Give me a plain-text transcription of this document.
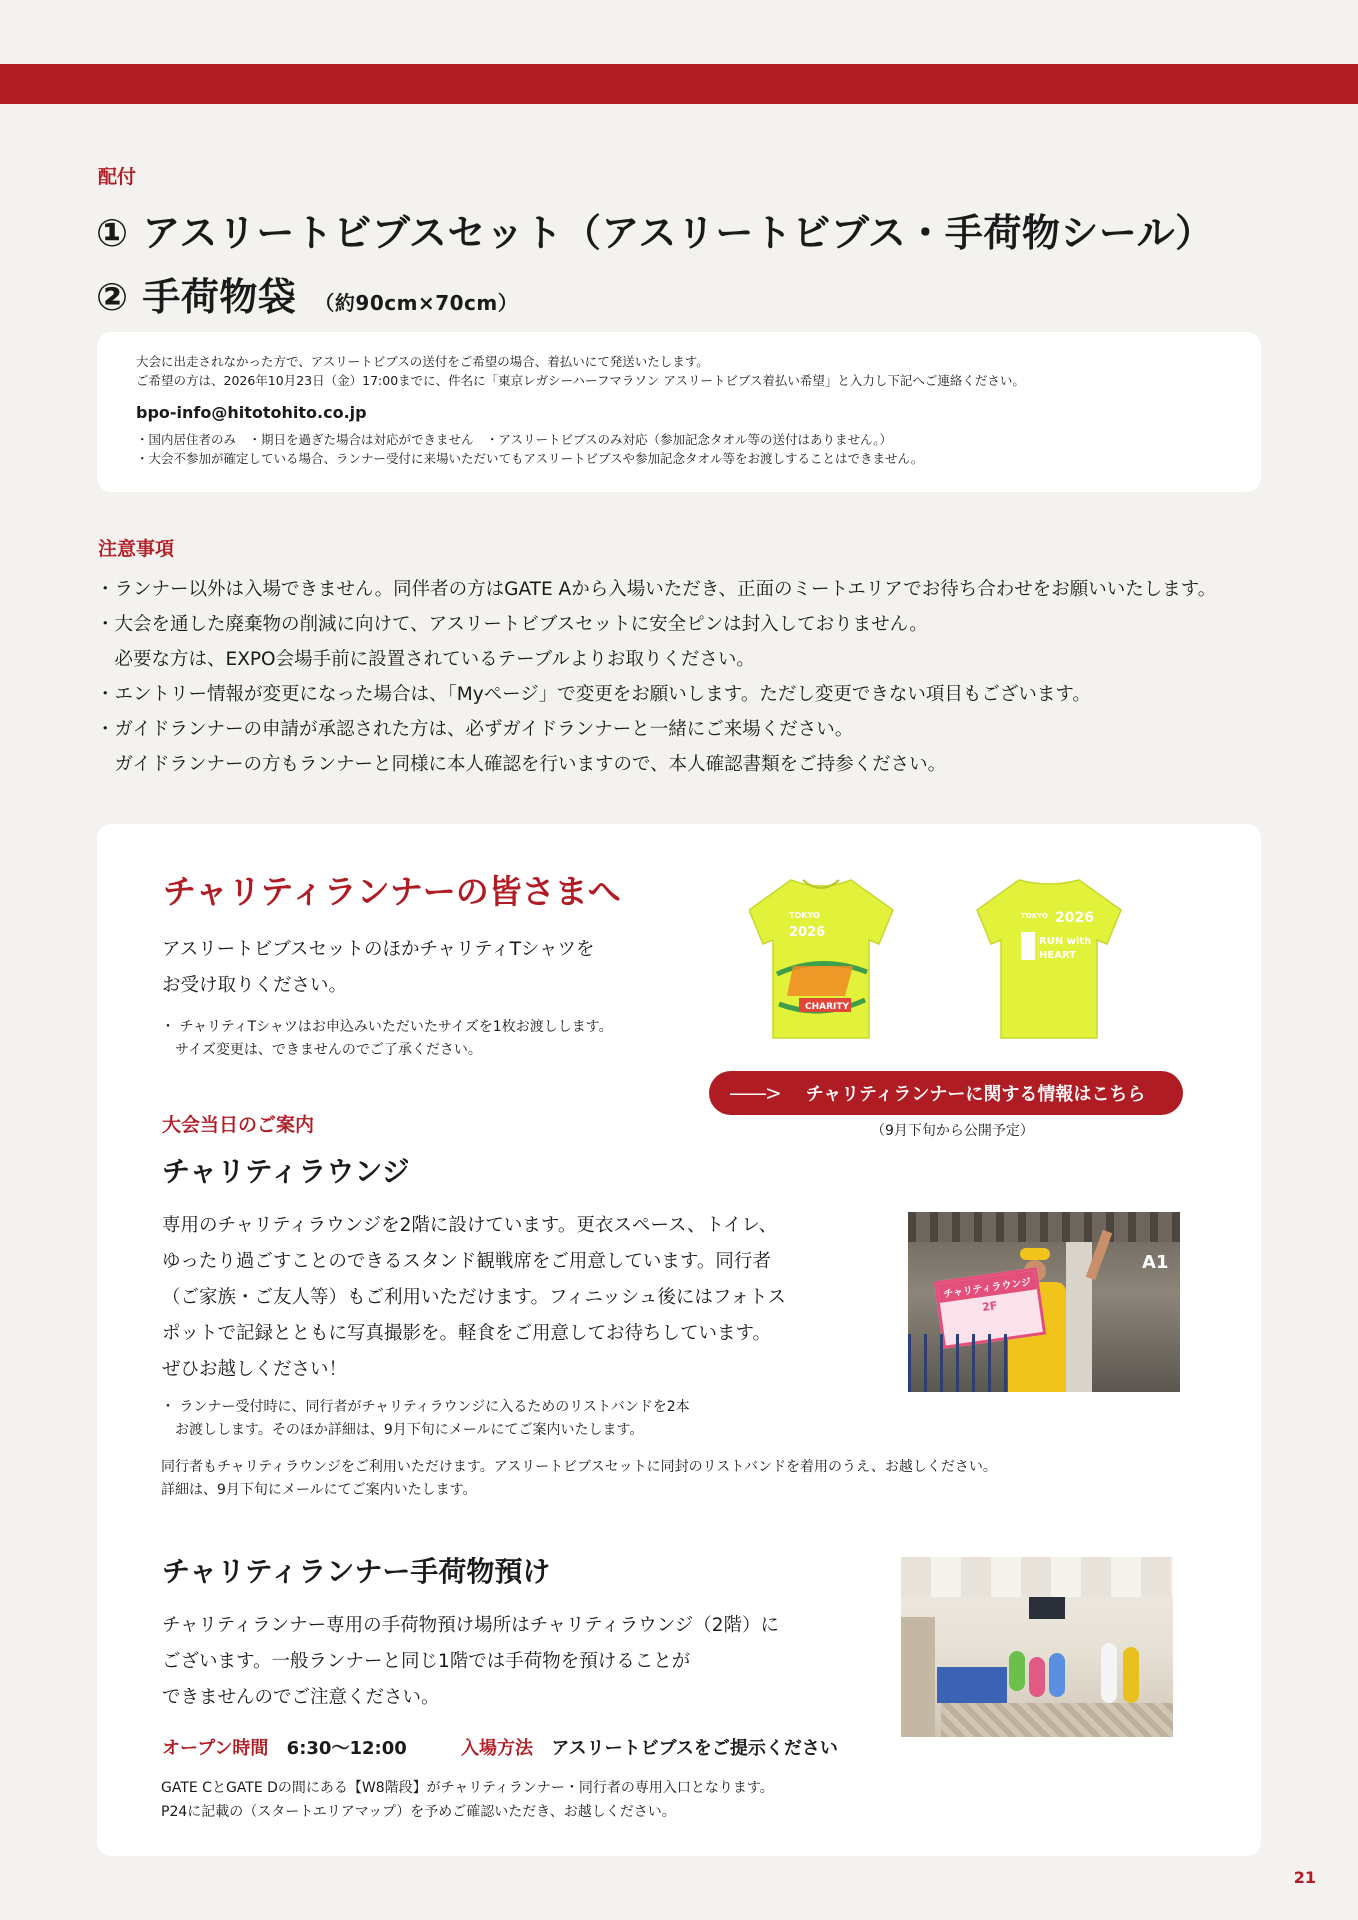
配付
① アスリートビブスセット（アスリートビブス・手荷物シール）
② 手荷物袋 （約90cm×70cm）
大会に出走されなかった方で、アスリートビブスの送付をご希望の場合、着払いにて発送いたします。
ご希望の方は、2026年10月23日（金）17:00までに、件名に「東京レガシーハーフマラソン アスリートビブス着払い希望」と入力し下記へご連絡ください。
bpo-info@hitotohito.co.jp
・国内居住者のみ　・期日を過ぎた場合は対応ができません　・アスリートビブスのみ対応（参加記念タオル等の送付はありません。）
・大会不参加が確定している場合、ランナー受付に来場いただいてもアスリートビブスや参加記念タオル等をお渡しすることはできません。
注意事項

・ランナー以外は入場できません。同伴者の方はGATE Aから入場いただき、正面のミートエリアでお待ち合わせをお願いいたします。

・大会を通した廃棄物の削減に向けて、アスリートビブスセットに安全ピンは封入しておりません。

　必要な方は、EXPO会場手前に設置されているテーブルよりお取りください。

・エントリー情報が変更になった場合は、「Myページ」で変更をお願いします。ただし変更できない項目もございます。

・ガイドランナーの申請が承認された方は、必ずガイドランナーと一緒にご来場ください。

　ガイドランナーの方もランナーと同様に本人確認を行いますので、本人確認書類をご持参ください。

チャリティランナーの皆さまへ
アスリートビブスセットのほかチャリティTシャツを
お受け取りください。
・ チャリティTシャツはお申込みいただいたサイズを1枚お渡しします。
　サイズ変更は、できませんのでご了承ください。
TOKYO
2026
CHARITY
TOKYO 2026
RUN with
HEART
——> チャリティランナーに関する情報はこちら
（9月下旬から公開予定）
大会当日のご案内
チャリティラウンジ
専用のチャリティラウンジを2階に設けています。更衣スペース、トイレ、
ゆったり過ごすことのできるスタンド観戦席をご用意しています。同行者
（ご家族・ご友人等）もご利用いただけます。フィニッシュ後にはフォトス
ポットで記録とともに写真撮影を。軽食をご用意してお待ちしています。
ぜひお越しください！
A1
チャリティラウンジ
2F
・ ランナー受付時に、同行者がチャリティラウンジに入るためのリストバンドを2本
　お渡しします。そのほか詳細は、9月下旬にメールにてご案内いたします。
同行者もチャリティラウンジをご利用いただけます。アスリートビブスセットに同封のリストバンドを着用のうえ、お越しください。
詳細は、9月下旬にメールにてご案内いたします。
チャリティランナー手荷物預け
チャリティランナー専用の手荷物預け場所はチャリティラウンジ（2階）に
ございます。一般ランナーと同じ1階では手荷物を預けることが
できませんのでご注意ください。
オープン時間 6:30〜12:00	入場方法 アスリートビブスをご提示ください
GATE CとGATE Dの間にある【W8階段】がチャリティランナー・同行者の専用入口となります。
P24に記載の（スタートエリアマップ）を予めご確認いただき、お越しください。
21
